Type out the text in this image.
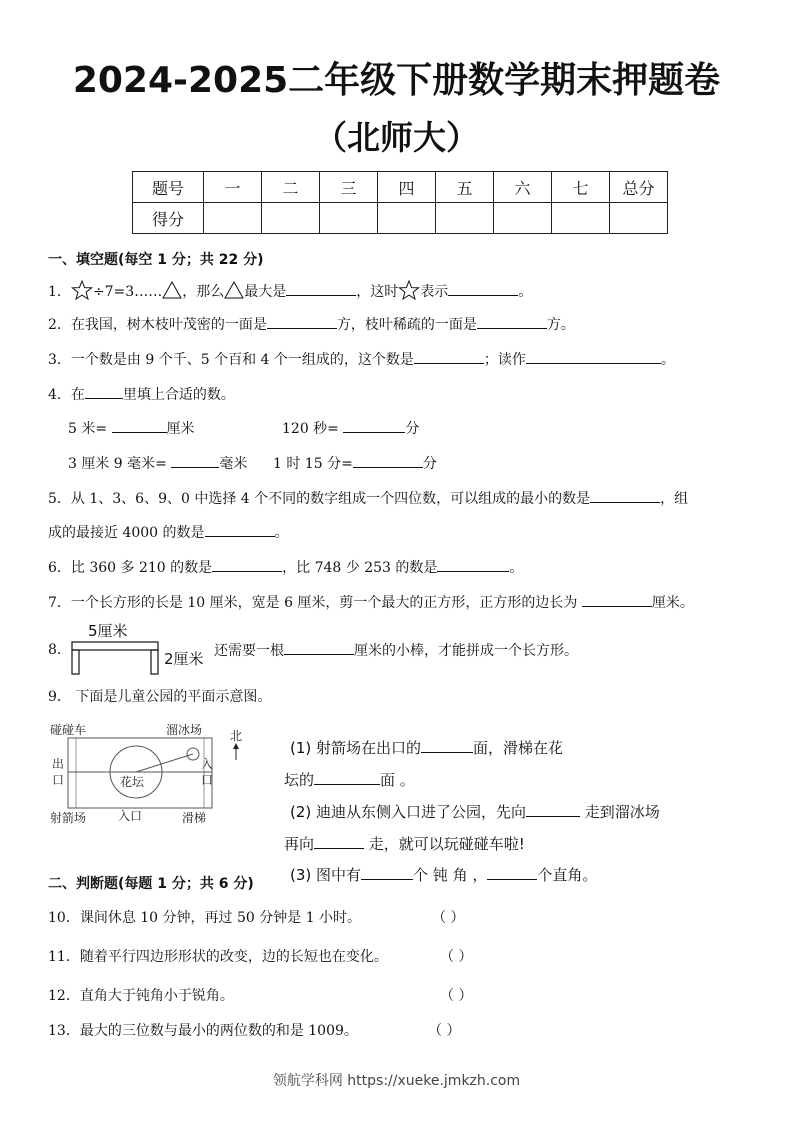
2024-2025二年级下册数学期末押题卷
（北师大）
题号	一	二	三	四	五	六	七	总分
得分								
一、填空题(每空 1 分；共 22 分)
1． ÷7=3…… ，那么 最大是	，这时 表示	。
2．在我国，树木枝叶茂密的一面是	方，枝叶稀疏的一面是	方。
3．一个数是由 9 个千、5 个百和 4 个一组成的，这个数是	；读作	。
4．在	里填上合适的数。
5 米=	厘米	120 秒=	分
3 厘米 9 毫米=	毫米 1 时 15 分=	分
5．从 1、3、6、9、0 中选择 4 个不同的数字组成一个四位数，可以组成的最小的数是	，组
成的最接近 4000 的数是	。
6．比 360 多 210 的数是	，比 748 少 253 的数是	。
7．一个长方形的长是 10 厘米，宽是 6 厘米，剪一个最大的正方形，正方形的边长为	厘米。
8．
5厘米
2厘米 还需要一根	厘米的小棒，才能拼成一个长方形。
9． 下面是儿童公园的平面示意图。
碰碰车	溜冰场
出
口
入
口
花坛
射箭场	入口	滑梯
北
(1) 射箭场在出口的	面，滑梯在花
坛的	面 。
(2) 迪迪从东侧入口进了公园，先向	走到溜冰场
再向	走，就可以玩碰碰车啦!
(3) 图中有	个 钝 角 ，	个直角。
二、判断题(每题 1 分；共 6 分)
10．课间休息 10 分钟，再过 50 分钟是 1 小时。	（ ）
11．随着平行四边形形状的改变，边的长短也在变化。	（ ）
12．直角大于钝角小于锐角。	（ ）
13．最大的三位数与最小的两位数的和是 1009。	（ ）
领航学科网 https://xueke.jmkzh.com
